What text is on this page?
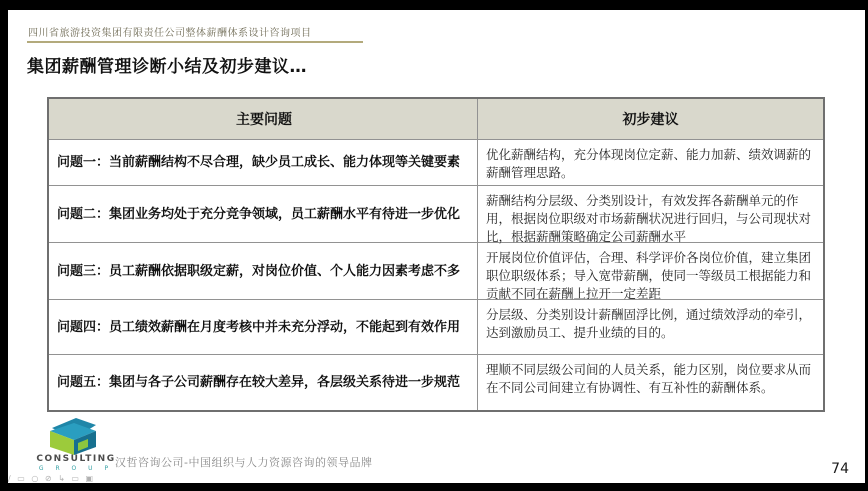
四川省旅游投资集团有限责任公司整体薪酬体系设计咨询项目
集团薪酬管理诊断小结及初步建议…
主要问题	初步建议
问题一：当前薪酬结构不尽合理，缺少员工成长、能力体现等关键要素
优化薪酬结构，充分体现岗位定薪、能力加薪、绩效调薪的薪酬管理思路。
问题二：集团业务均处于充分竞争领域，员工薪酬水平有待进一步优化
薪酬结构分层级、分类别设计，有效发挥各薪酬单元的作用，根据岗位职级对市场薪酬状况进行回归，与公司现状对比，根据薪酬策略确定公司薪酬水平
问题三：员工薪酬依据职级定薪，对岗位价值、个人能力因素考虑不多
开展岗位价值评估，合理、科学评价各岗位价值，建立集团职位职级体系；导入宽带薪酬，使同一等级员工根据能力和贡献不同在薪酬上拉开一定差距
问题四：员工绩效薪酬在月度考核中并未充分浮动，不能起到有效作用
分层级、分类别设计薪酬固浮比例，通过绩效浮动的牵引，达到激励员工、提升业绩的目的。
问题五：集团与各子公司薪酬存在较大差异，各层级关系待进一步规范
理顺不同层级公司间的人员关系，能力区别，岗位要求从而在不同公司间建立有协调性、有互补性的薪酬体系。
CONSULTING
G R O U P 汉哲咨询公司-中国组织与人力资源咨询的领导品牌
∕ ▭ ○ ⊘ ↳ ▭ ▣
74
